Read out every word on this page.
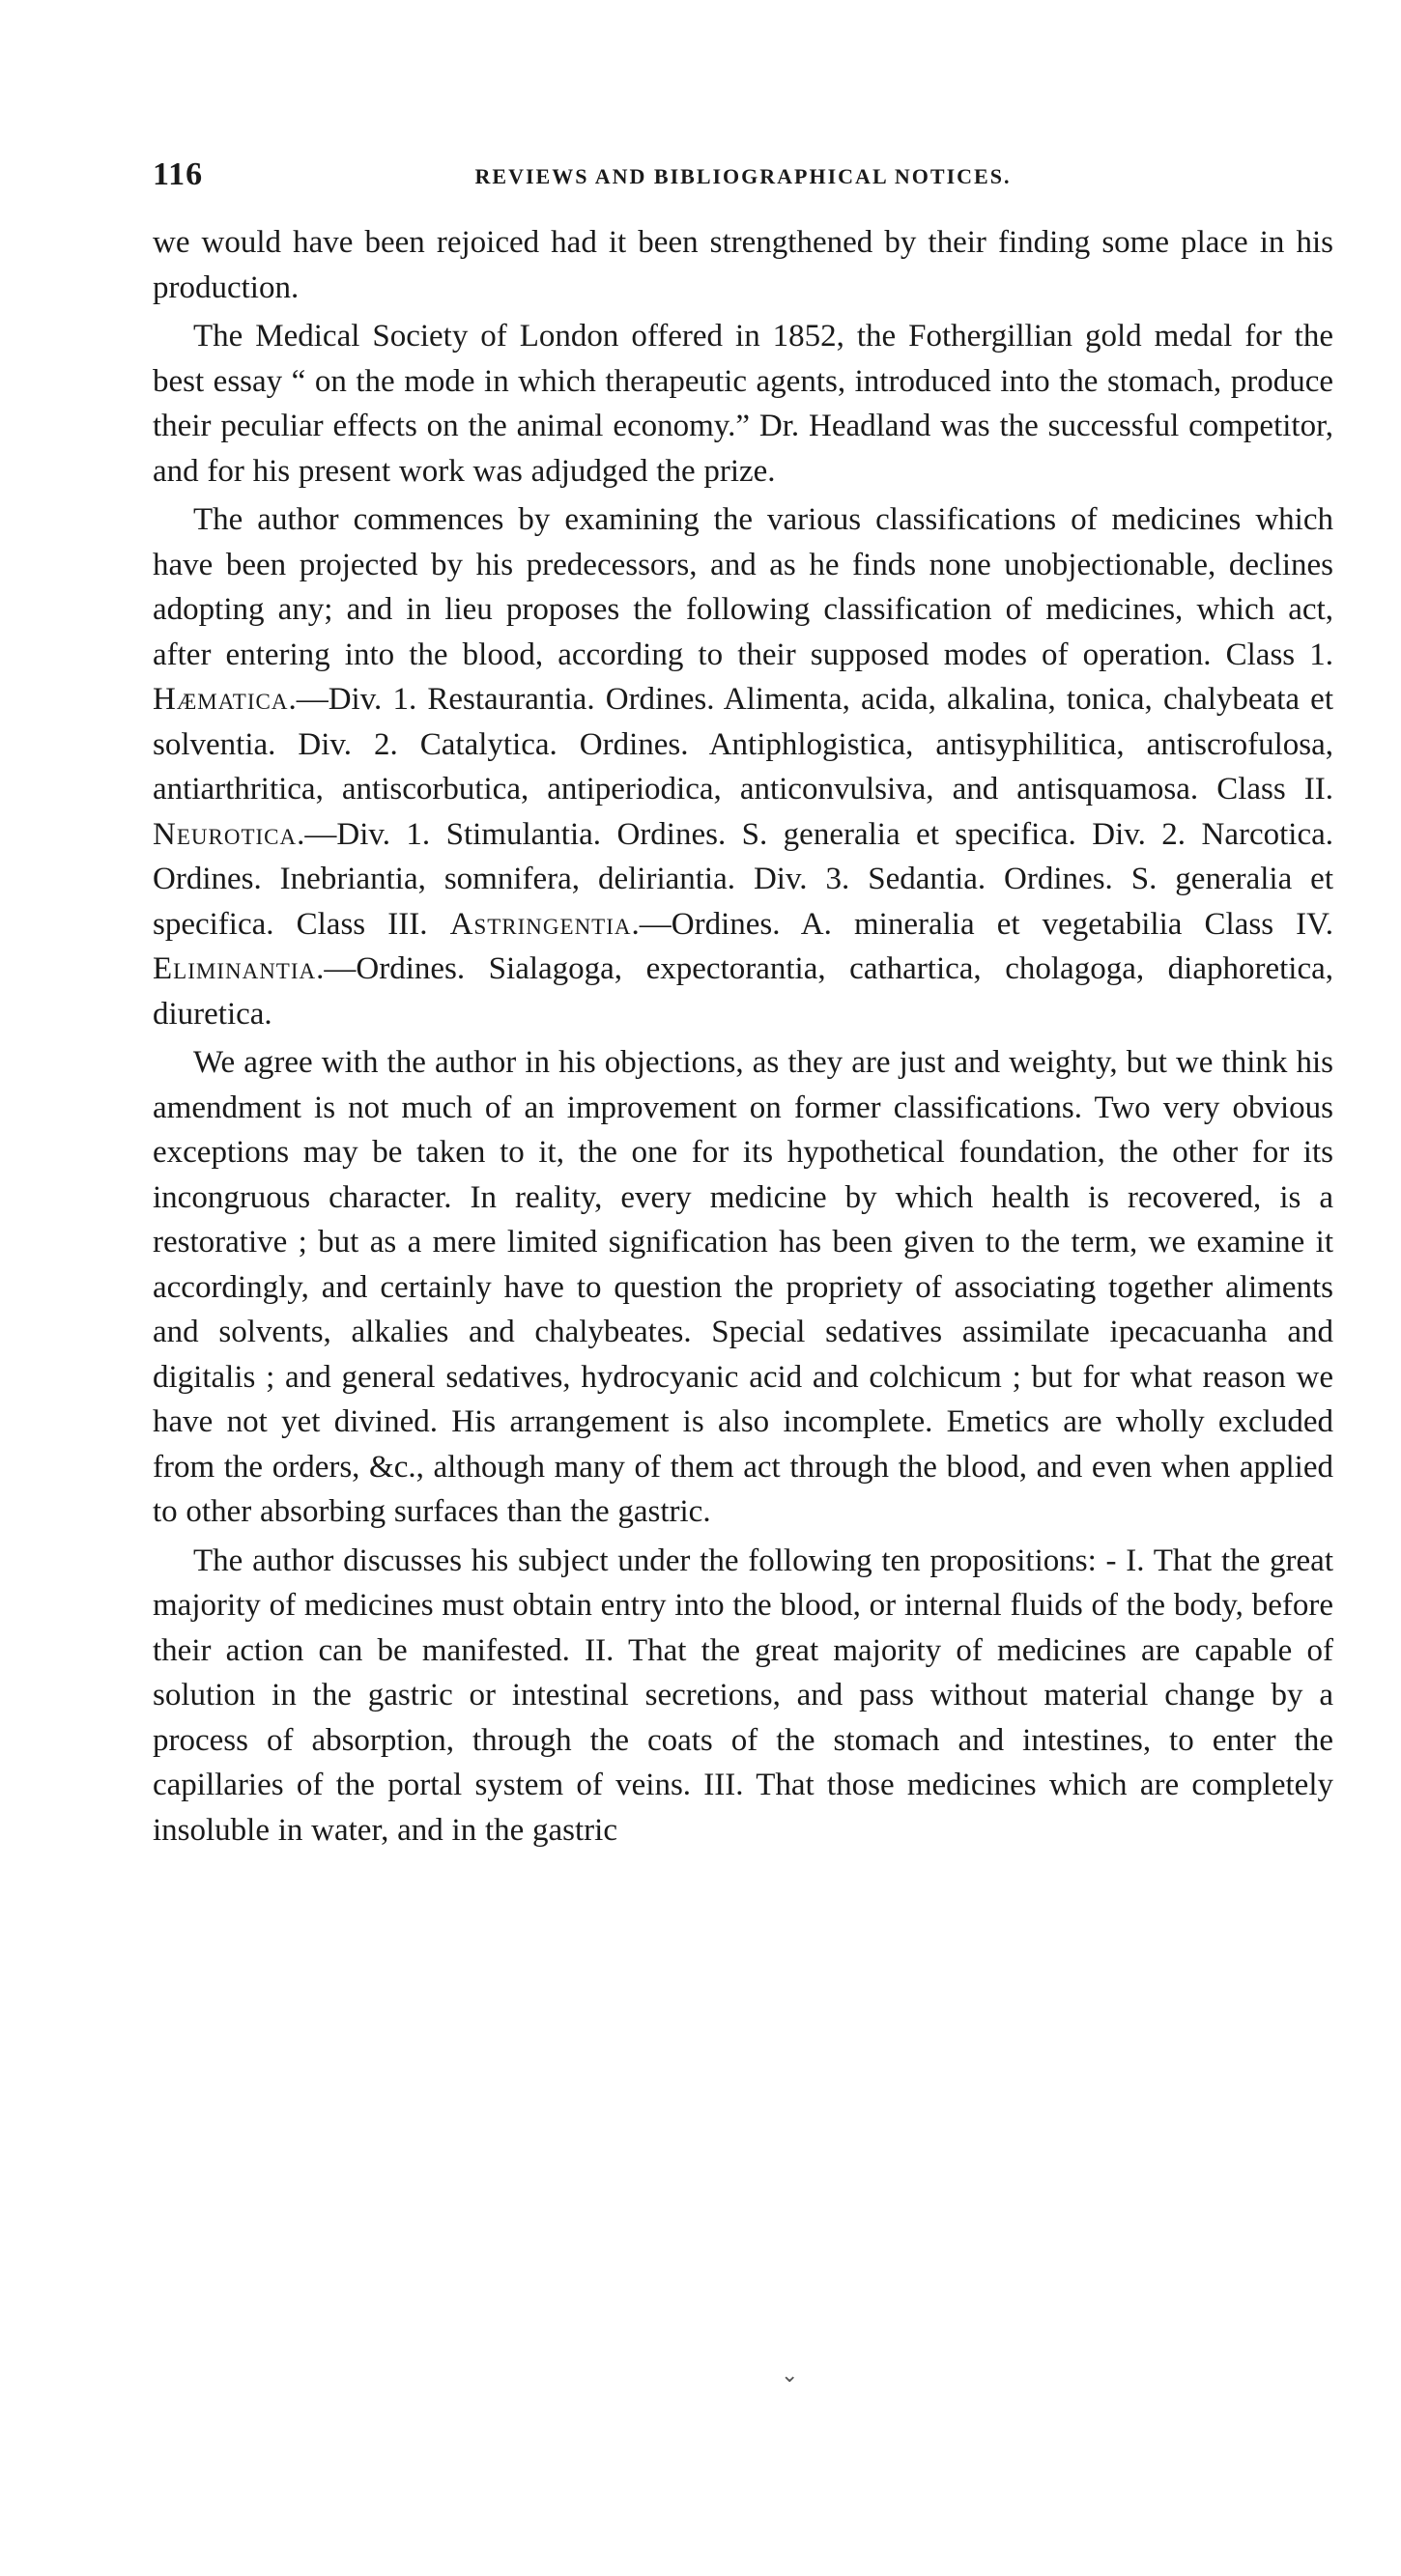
116	REVIEWS AND BIBLIOGRAPHICAL NOTICES.

we would have been rejoiced had it been strengthened by their finding some place in his production.

The Medical Society of London offered in 1852, the Fothergillian gold medal for the best essay “ on the mode in which therapeutic agents, introduced into the stomach, produce their peculiar effects on the animal economy.” Dr. Headland was the successful competitor, and for his present work was adjudged the prize.

The author commences by examining the various classifications of medicines which have been projected by his predecessors, and as he finds none unobjectionable, declines adopting any; and in lieu proposes the following classification of medicines, which act, after entering into the blood, according to their supposed modes of operation. Class 1. Hæmatica.—Div. 1. Restaurantia. Ordines. Alimenta, acida, alkalina, tonica, chalybeata et solventia. Div. 2. Catalytica. Ordines. Antiphlogistica, antisyphilitica, antiscrofulosa, antiarthritica, antiscorbutica, antiperiodica, anticonvulsiva, and antisquamosa. Class II. Neurotica.—Div. 1. Stimulantia. Ordines. S. generalia et specifica. Div. 2. Narcotica. Ordines. Inebriantia, somnifera, deliriantia. Div. 3. Sedantia. Ordines. S. generalia et specifica. Class III. Astringentia.—Ordines. A. mineralia et vegetabilia Class IV. Eliminantia.—Ordines. Sialagoga, expectorantia, cathartica, cholagoga, diaphoretica, diuretica.

We agree with the author in his objections, as they are just and weighty, but we think his amendment is not much of an improvement on former classifications. Two very obvious exceptions may be taken to it, the one for its hypothetical foundation, the other for its incongruous character. In reality, every medicine by which health is recovered, is a restorative ; but as a mere limited signification has been given to the term, we examine it accordingly, and certainly have to question the propriety of associating together aliments and solvents, alkalies and chalybeates. Special sedatives assimilate ipecacuanha and digitalis ; and general sedatives, hydrocyanic acid and colchicum ; but for what reason we have not yet divined. His arrangement is also incomplete. Emetics are wholly excluded from the orders, &c., although many of them act through the blood, and even when applied to other absorbing surfaces than the gastric.

The author discusses his subject under the following ten propositions: - I. That the great majority of medicines must obtain entry into the blood, or internal fluids of the body, before their action can be manifested. II. That the great majority of medicines are capable of solution in the gastric or intestinal secretions, and pass without material change by a process of absorption, through the coats of the stomach and intestines, to enter the capillaries of the portal system of veins. III. That those medicines which are completely insoluble in water, and in the gastric

⌄
